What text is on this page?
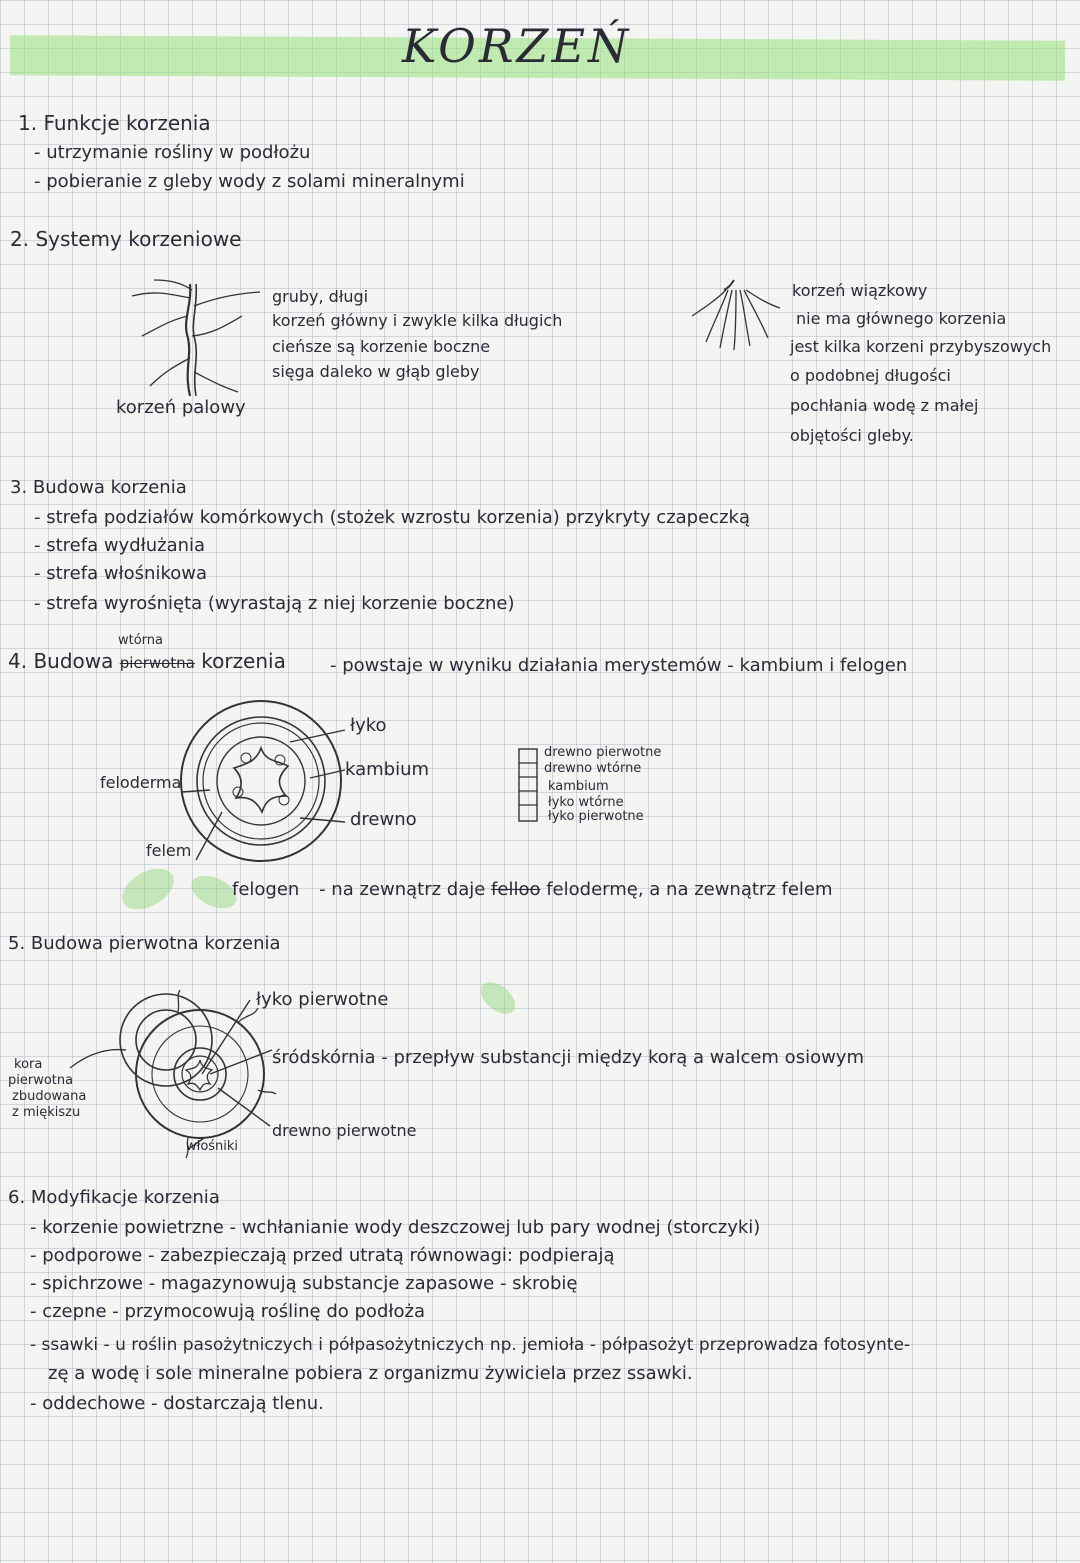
KORZEŃ
1. Funkcje korzenia
- utrzymanie rośliny w podłożu
- pobieranie z gleby wody z solami mineralnymi
2. Systemy korzeniowe
korzeń palowy
gruby, długi
korzeń główny i zwykle kilka długich
cieńsze są korzenie boczne
sięga daleko w głąb gleby
korzeń wiązkowy
nie ma głównego korzenia
jest kilka korzeni przybyszowych
o podobnej długości
pochłania wodę z małej
objętości gleby.
3. Budowa korzenia
- strefa podziałów komórkowych (stożek wzrostu korzenia) przykryty czapeczką
- strefa wydłużania
- strefa włośnikowa
- strefa wyrośnięta (wyrastają z niej korzenie boczne)
4. Budowa pierwotna korzenia
wtórna
- powstaje w wyniku działania merystemów - kambium i felogen
łyko
kambium
drewno
feloderma
felem
drewno pierwotne
drewno wtórne
kambium
łyko wtórne
łyko pierwotne
felogen - na zewnątrz daje felloo felodermę, a na zewnątrz felem
5. Budowa pierwotna korzenia
łyko pierwotne
śródskórnia - przepływ substancji między korą a walcem osiowym
drewno pierwotne
włośniki
kora
pierwotna
zbudowana
z miękiszu
6. Modyfikacje korzenia
- korzenie powietrzne - wchłanianie wody deszczowej lub pary wodnej (storczyki)
- podporowe - zabezpieczają przed utratą równowagi: podpierają
- spichrzowe - magazynowują substancje zapasowe - skrobię
- czepne - przymocowują roślinę do podłoża
- ssawki - u roślin pasożytniczych i półpasożytniczych np. jemioła - półpasożyt przeprowadza fotosynte-
zę a wodę i sole mineralne pobiera z organizmu żywiciela przez ssawki.
- oddechowe - dostarczają tlenu.
